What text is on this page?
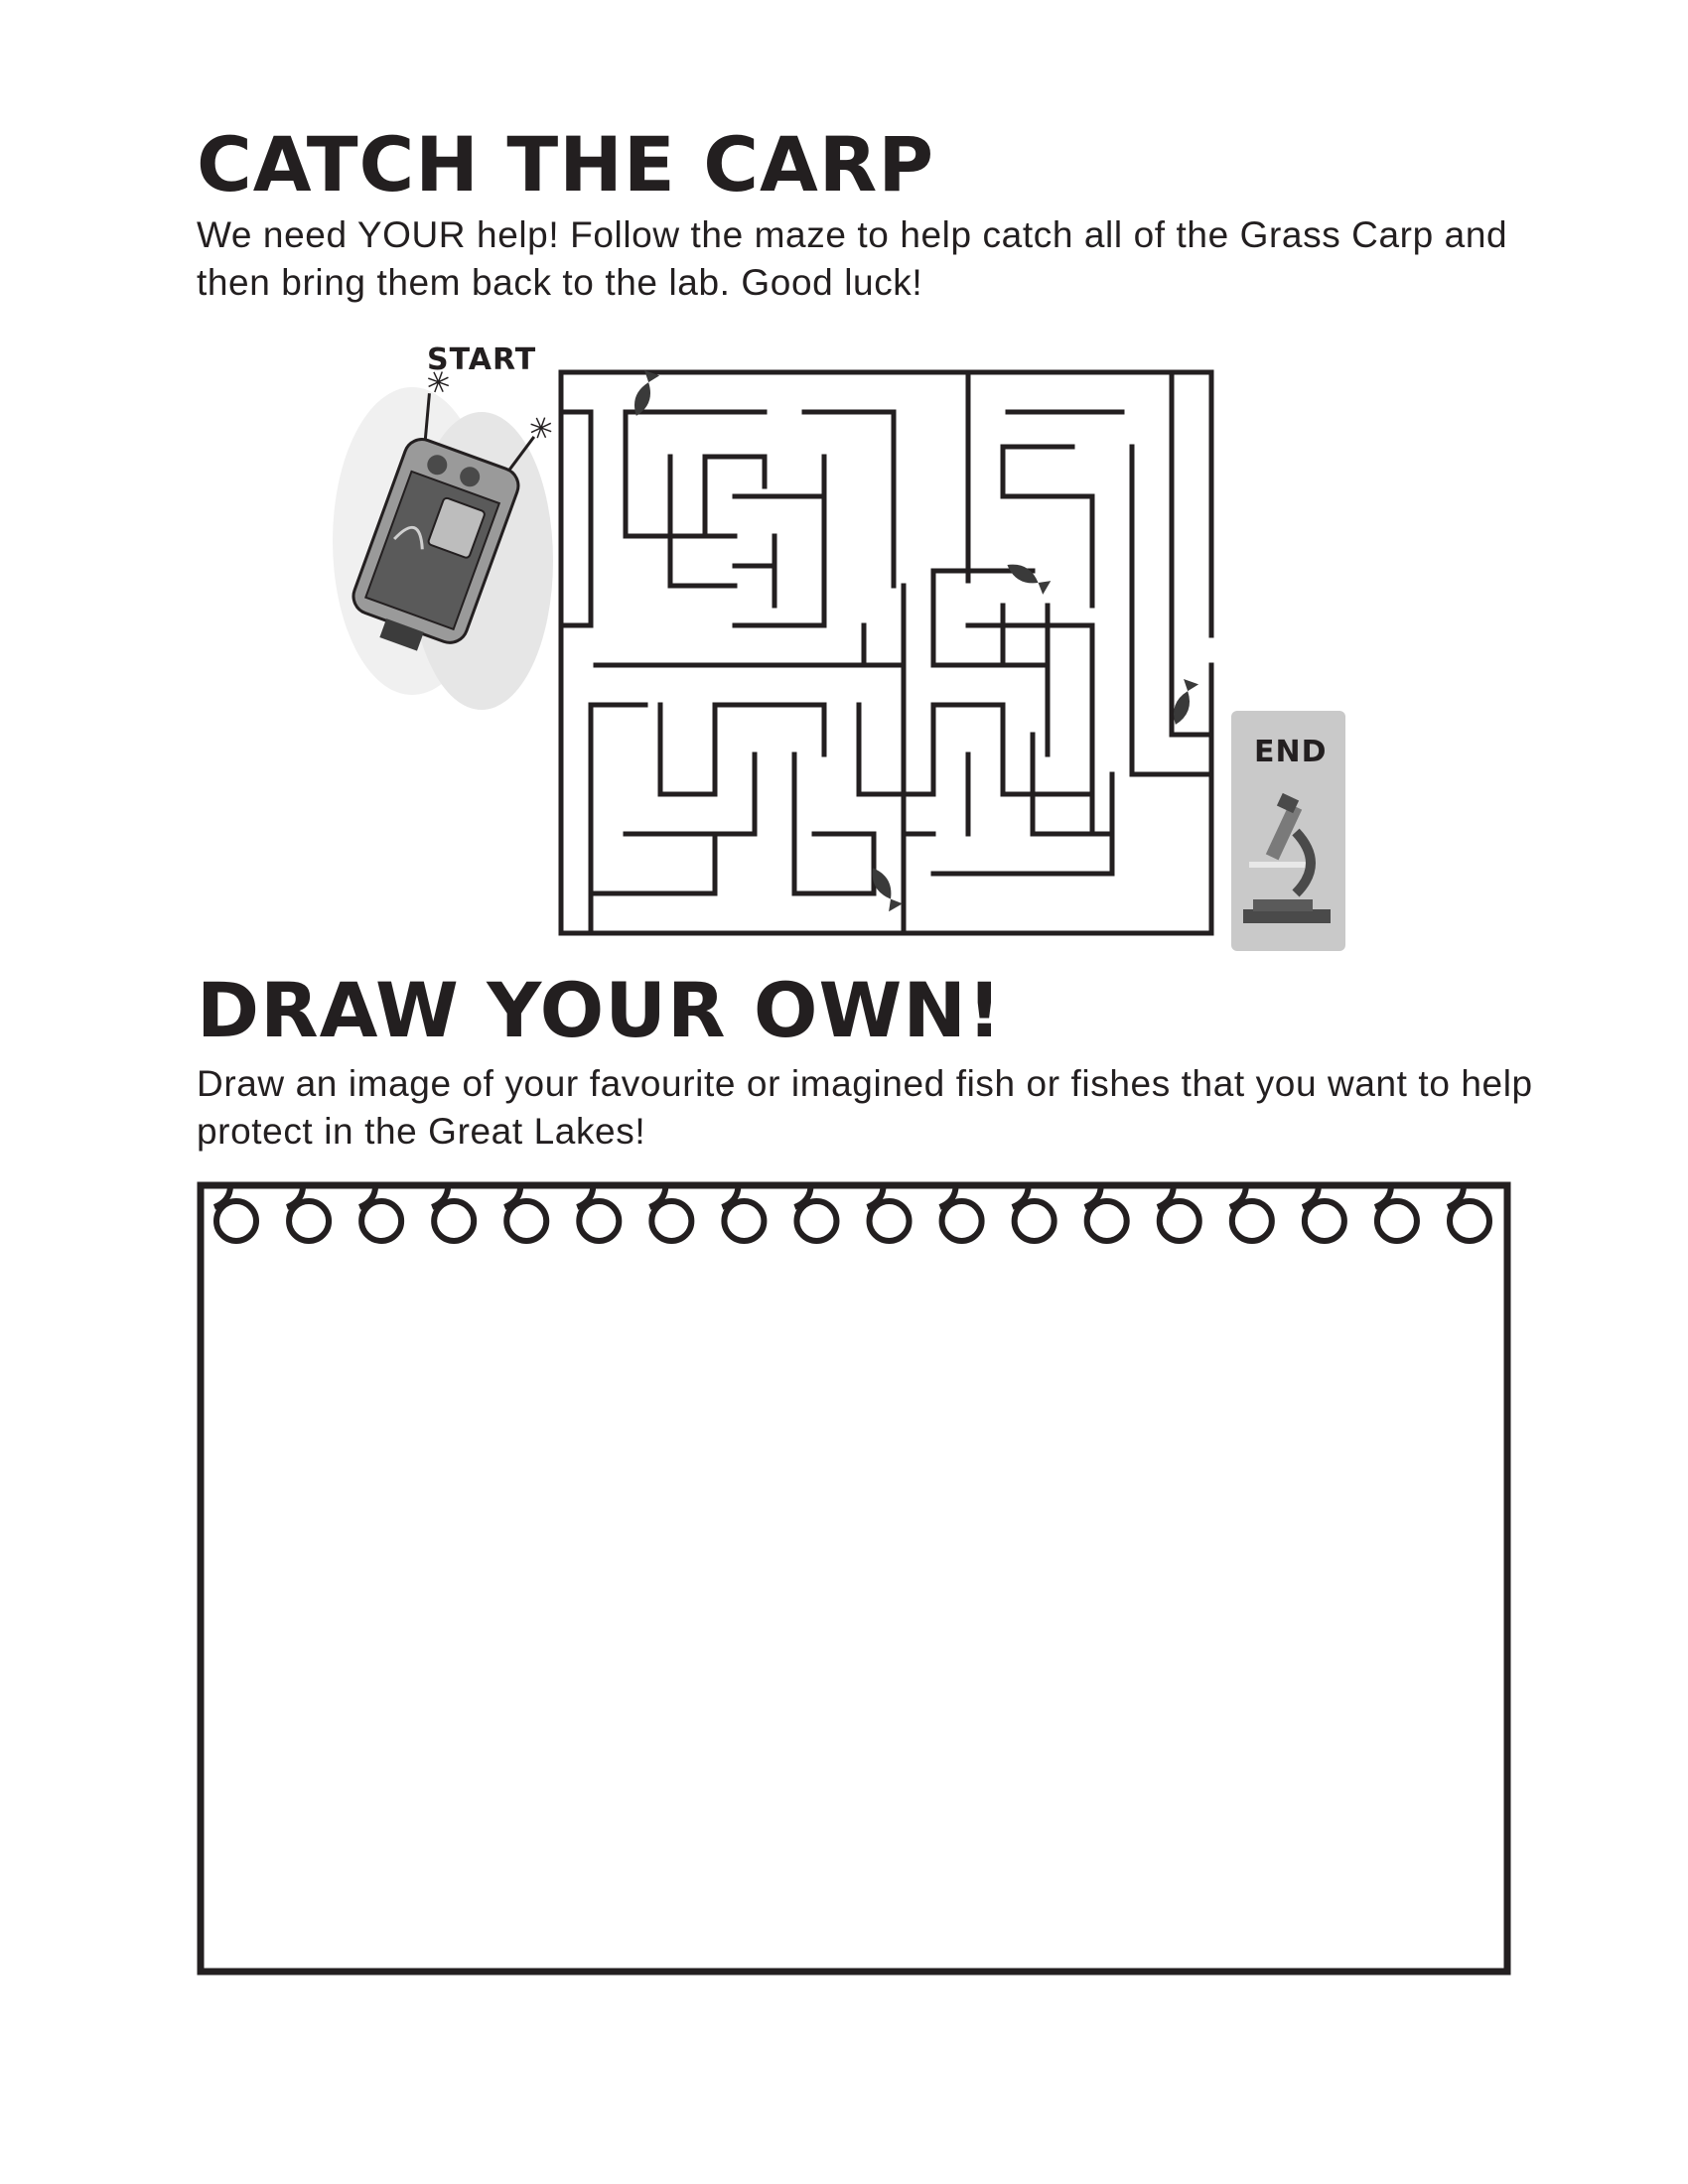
CATCH THE CARP

We need YOUR help! Follow the maze to help catch all of the Grass Carp and then bring them back to the lab. Good luck!

✳
✳
START
END
DRAW YOUR OWN!

Draw an image of your favourite or imagined fish or fishes that you want to help protect in the Great Lakes!
